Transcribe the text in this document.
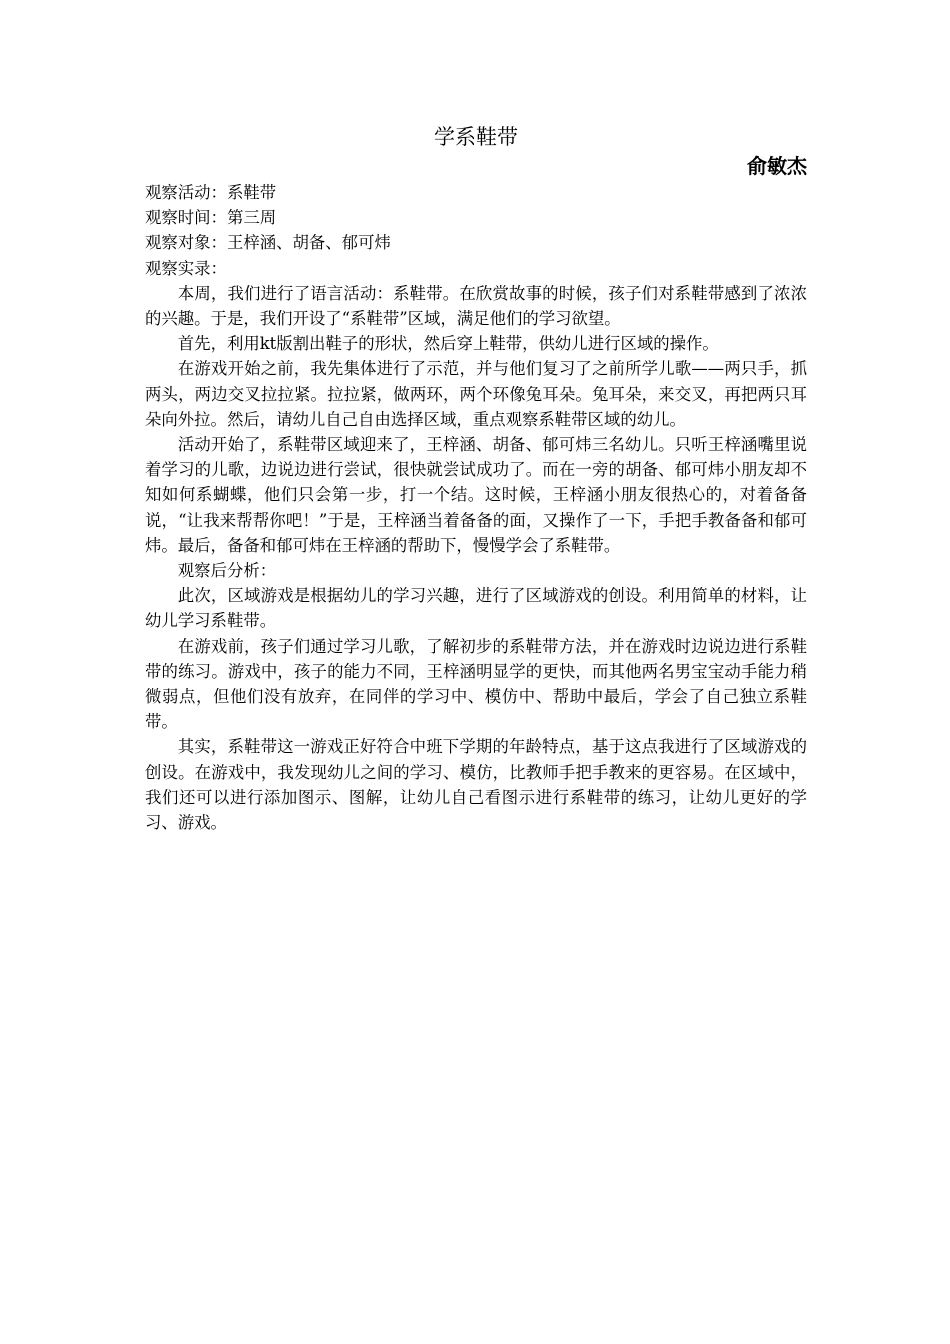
学系鞋带
俞敏杰
观察活动：系鞋带
观察时间：第三周
观察对象：王梓涵、胡备、郁可炜
观察实录：

本周，我们进行了语言活动：系鞋带。在欣赏故事的时候，孩子们对系鞋带感到了浓浓的兴趣。于是，我们开设了“系鞋带”区域，满足他们的学习欲望。

首先，利用kt版割出鞋子的形状，然后穿上鞋带，供幼儿进行区域的操作。

在游戏开始之前，我先集体进行了示范，并与他们复习了之前所学儿歌——两只手，抓两头，两边交叉拉拉紧。拉拉紧，做两环，两个环像兔耳朵。兔耳朵，来交叉，再把两只耳朵向外拉。然后，请幼儿自己自由选择区域，重点观察系鞋带区域的幼儿。

活动开始了，系鞋带区域迎来了，王梓涵、胡备、郁可炜三名幼儿。只听王梓涵嘴里说着学习的儿歌，边说边进行尝试，很快就尝试成功了。而在一旁的胡备、郁可炜小朋友却不知如何系蝴蝶，他们只会第一步，打一个结。这时候，王梓涵小朋友很热心的，对着备备说，“让我来帮帮你吧！”于是，王梓涵当着备备的面，又操作了一下，手把手教备备和郁可炜。最后，备备和郁可炜在王梓涵的帮助下，慢慢学会了系鞋带。

观察后分析：

此次，区域游戏是根据幼儿的学习兴趣，进行了区域游戏的创设。利用简单的材料，让幼儿学习系鞋带。

在游戏前，孩子们通过学习儿歌，了解初步的系鞋带方法，并在游戏时边说边进行系鞋带的练习。游戏中，孩子的能力不同，王梓涵明显学的更快，而其他两名男宝宝动手能力稍微弱点，但他们没有放弃，在同伴的学习中、模仿中、帮助中最后，学会了自己独立系鞋带。

其实，系鞋带这一游戏正好符合中班下学期的年龄特点，基于这点我进行了区域游戏的创设。在游戏中，我发现幼儿之间的学习、模仿，比教师手把手教来的更容易。在区域中，我们还可以进行添加图示、图解，让幼儿自己看图示进行系鞋带的练习，让幼儿更好的学习、游戏。
